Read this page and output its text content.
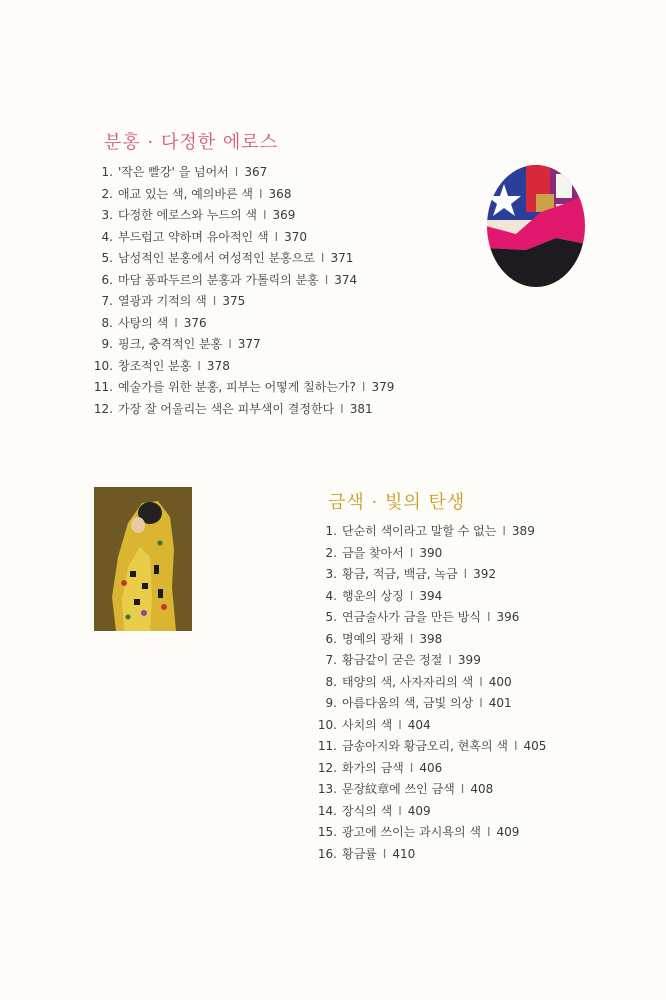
분홍 · 다정한 에로스
1. '작은 빨강' 을 넘어서 I 367
2. 애교 있는 색, 예의바른 색 I 368
3. 다정한 에로스와 누드의 색 I 369
4. 부드럽고 약하며 유아적인 색 I 370
5. 남성적인 분홍에서 여성적인 분홍으로 I 371
6. 마담 퐁파두르의 분홍과 가톨릭의 분홍 I 374
7. 열광과 기적의 색 I 375
8. 사탕의 색 I 376
9. 핑크, 충격적인 분홍 I 377
10. 창조적인 분홍 I 378
11. 예술가를 위한 분홍, 피부는 어떻게 칠하는가? I 379
12. 가장 잘 어울리는 색은 피부색이 결정한다 I 381
금색 · 빛의 탄생
1. 단순히 색이라고 말할 수 없는 I 389
2. 금을 찾아서 I 390
3. 황금, 적금, 백금, 녹금 I 392
4. 행운의 상징 I 394
5. 연금술사가 금을 만든 방식 I 396
6. 명예의 광채 I 398
7. 황금같이 굳은 정절 I 399
8. 태양의 색, 사자자리의 색 I 400
9. 아름다움의 색, 금빛 의상 I 401
10. 사치의 색 I 404
11. 금송아지와 황금오리, 현혹의 색 I 405
12. 화가의 금색 I 406
13. 문장紋章에 쓰인 금색 I 408
14. 장식의 색 I 409
15. 광고에 쓰이는 과시욕의 색 I 409
16. 황금률 I 410
